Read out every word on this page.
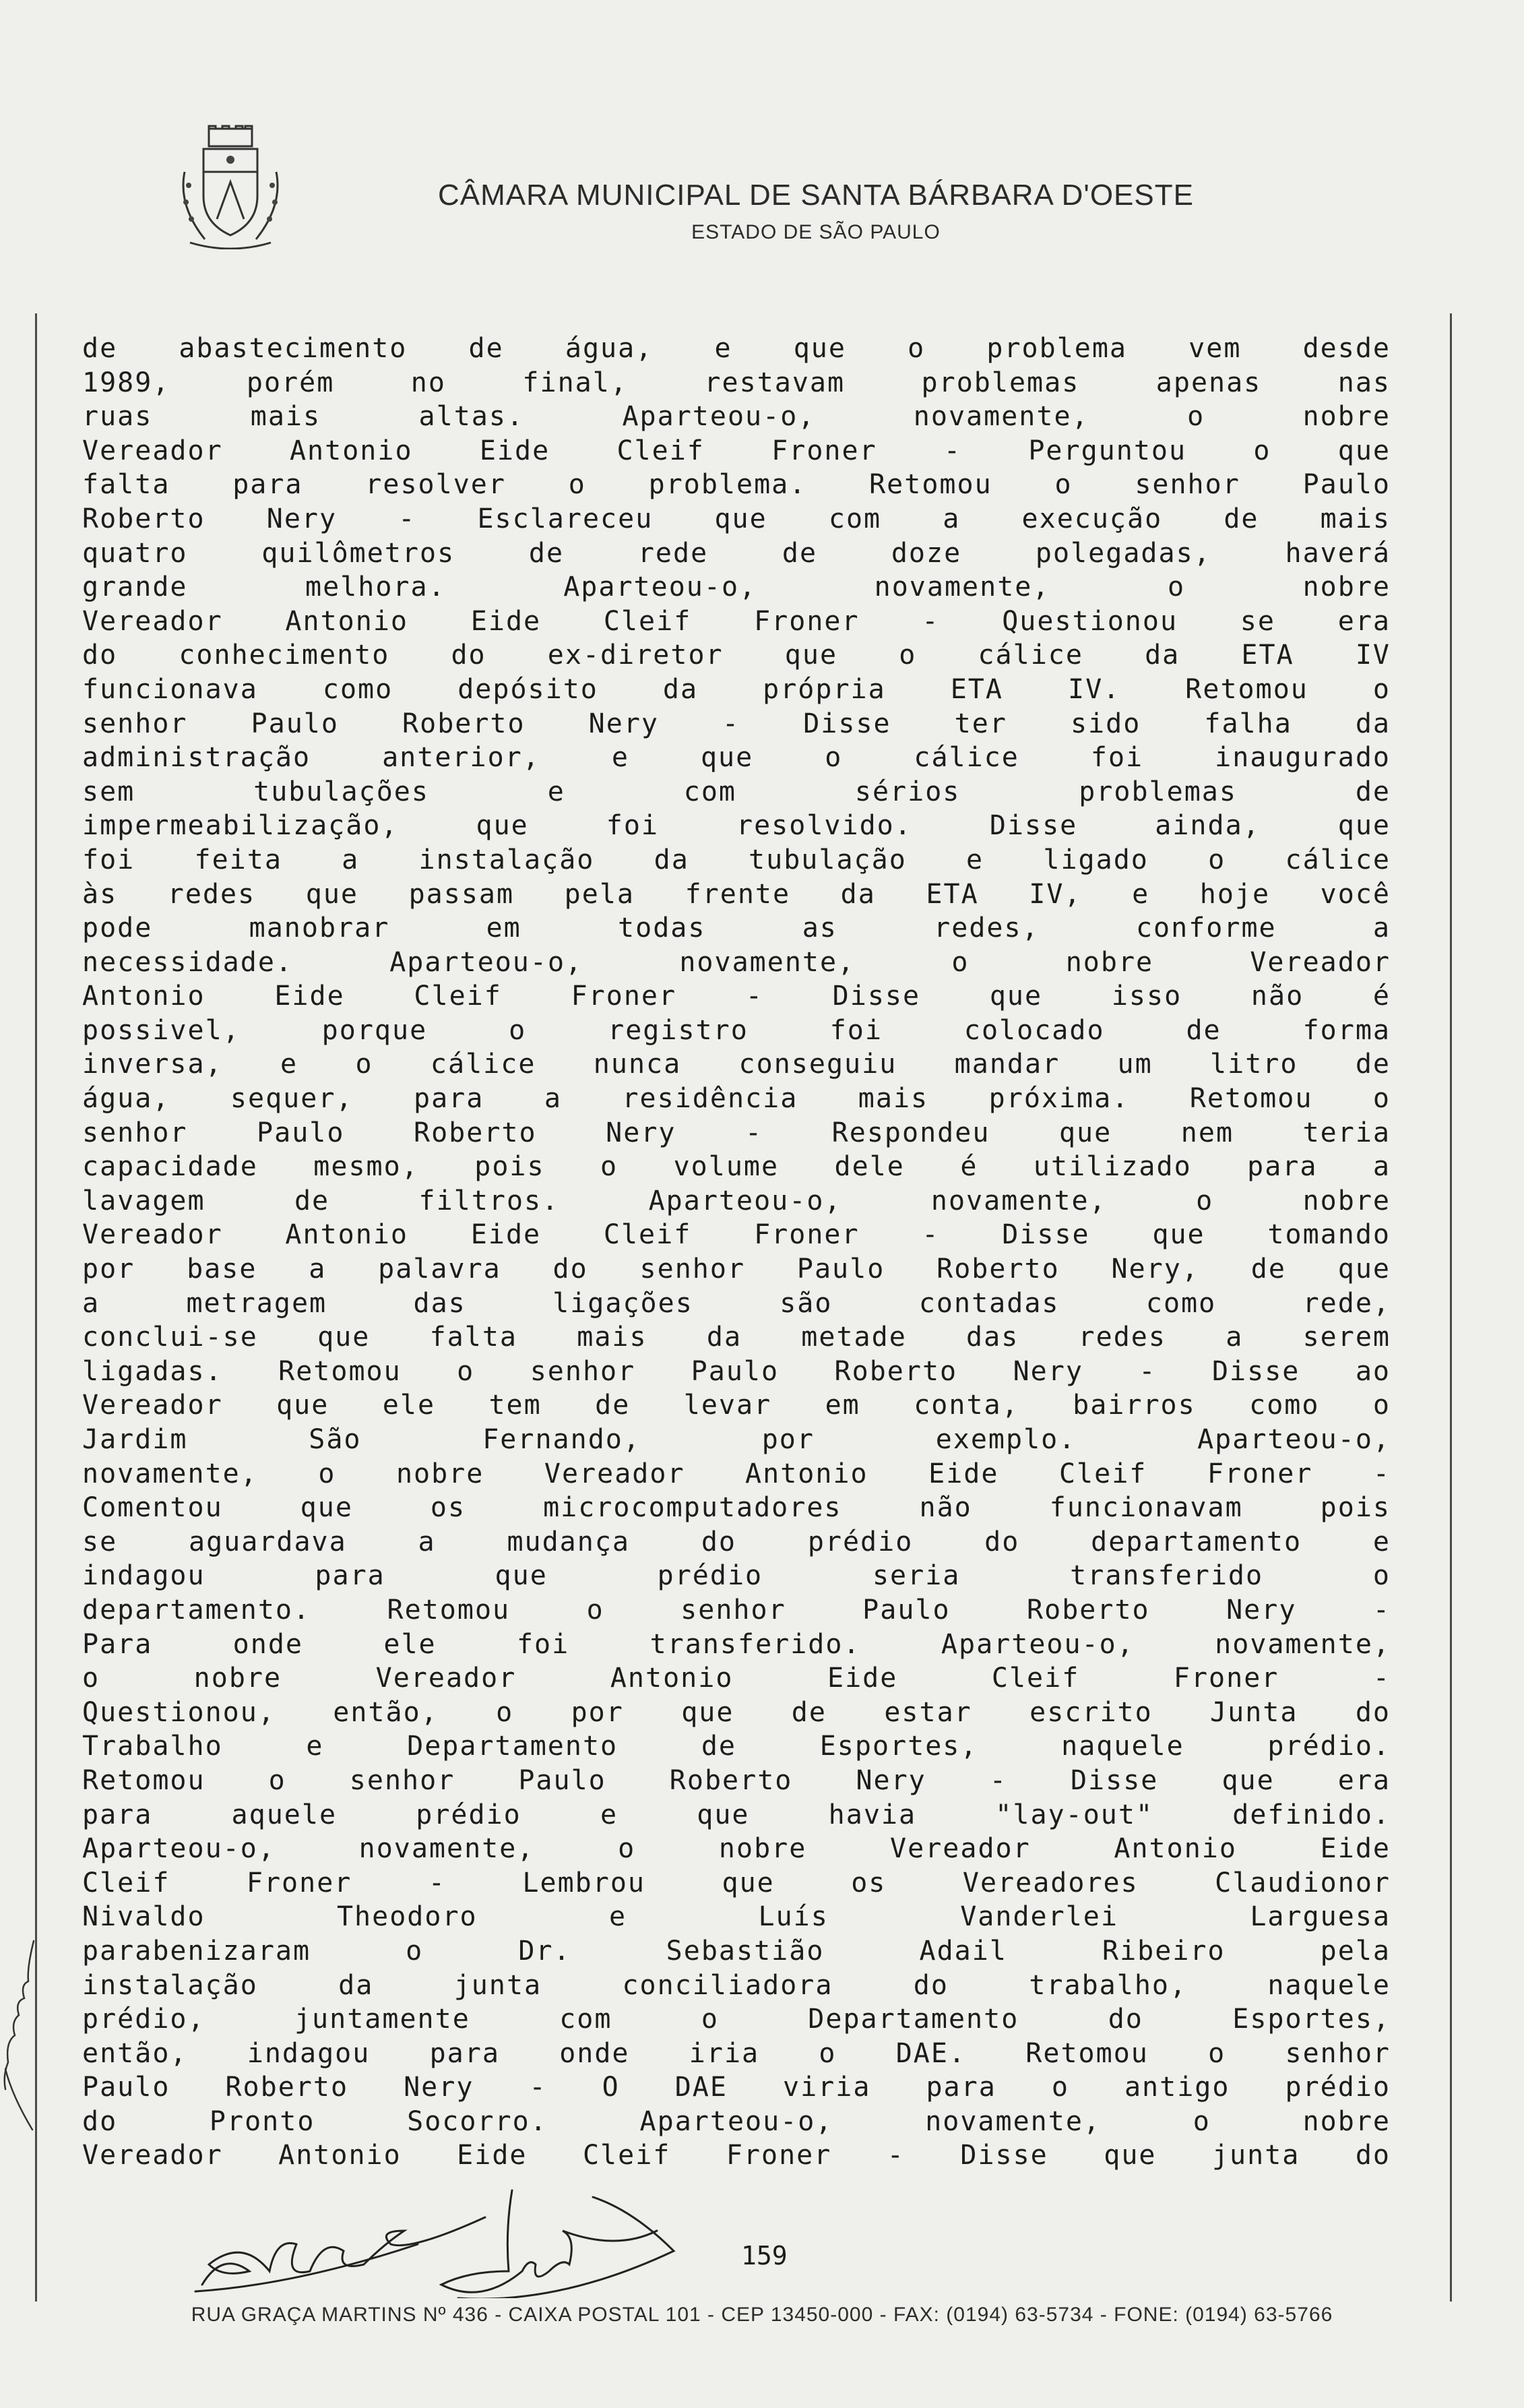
CÂMARA MUNICIPAL DE SANTA BÁRBARA D'OESTE
ESTADO DE SÃO PAULO
de abastecimento de água, e que o problema vem desde
1989, porém no final, restavam problemas apenas nas
ruas mais altas. Aparteou-o, novamente, o nobre
Vereador Antonio Eide Cleif Froner - Perguntou o que
falta para resolver o problema. Retomou o senhor Paulo
Roberto Nery - Esclareceu que com a execução de mais
quatro quilômetros de rede de doze polegadas, haverá
grande melhora. Aparteou-o, novamente, o nobre
Vereador Antonio Eide Cleif Froner - Questionou se era
do conhecimento do ex-diretor que o cálice da ETA IV
funcionava como depósito da própria ETA IV. Retomou o
senhor Paulo Roberto Nery - Disse ter sido falha da
administração anterior, e que o cálice foi inaugurado
sem tubulações e com sérios problemas de
impermeabilização, que foi resolvido. Disse ainda, que
foi feita a instalação da tubulação e ligado o cálice
às redes que passam pela frente da ETA IV, e hoje você
pode manobrar em todas as redes, conforme a
necessidade. Aparteou-o, novamente, o nobre Vereador
Antonio Eide Cleif Froner - Disse que isso não é
possivel, porque o registro foi colocado de forma
inversa, e o cálice nunca conseguiu mandar um litro de
água, sequer, para a residência mais próxima. Retomou o
senhor Paulo Roberto Nery - Respondeu que nem teria
capacidade mesmo, pois o volume dele é utilizado para a
lavagem de filtros. Aparteou-o, novamente, o nobre
Vereador Antonio Eide Cleif Froner - Disse que tomando
por base a palavra do senhor Paulo Roberto Nery, de que
a metragem das ligações são contadas como rede,
conclui-se que falta mais da metade das redes a serem
ligadas. Retomou o senhor Paulo Roberto Nery - Disse ao
Vereador que ele tem de levar em conta, bairros como o
Jardim São Fernando, por exemplo. Aparteou-o,
novamente, o nobre Vereador Antonio Eide Cleif Froner -
Comentou que os microcomputadores não funcionavam pois
se aguardava a mudança do prédio do departamento e
indagou para que prédio seria transferido o
departamento. Retomou o senhor Paulo Roberto Nery -
Para onde ele foi transferido. Aparteou-o, novamente,
o nobre Vereador Antonio Eide Cleif Froner -
Questionou, então, o por que de estar escrito Junta do
Trabalho e Departamento de Esportes, naquele prédio.
Retomou o senhor Paulo Roberto Nery - Disse que era
para aquele prédio e que havia "lay-out" definido.
Aparteou-o, novamente, o nobre Vereador Antonio Eide
Cleif Froner - Lembrou que os Vereadores Claudionor
Nivaldo Theodoro e Luís Vanderlei Larguesa
parabenizaram o Dr. Sebastião Adail Ribeiro pela
instalação da junta conciliadora do trabalho, naquele
prédio, juntamente com o Departamento do Esportes,
então, indagou para onde iria o DAE. Retomou o senhor
Paulo Roberto Nery - O DAE viria para o antigo prédio
do Pronto Socorro. Aparteou-o, novamente, o nobre
Vereador Antonio Eide Cleif Froner - Disse que junta do
159
RUA GRAÇA MARTINS Nº 436 - CAIXA POSTAL 101 - CEP 13450-000 - FAX: (0194) 63-5734 - FONE: (0194) 63-5766
